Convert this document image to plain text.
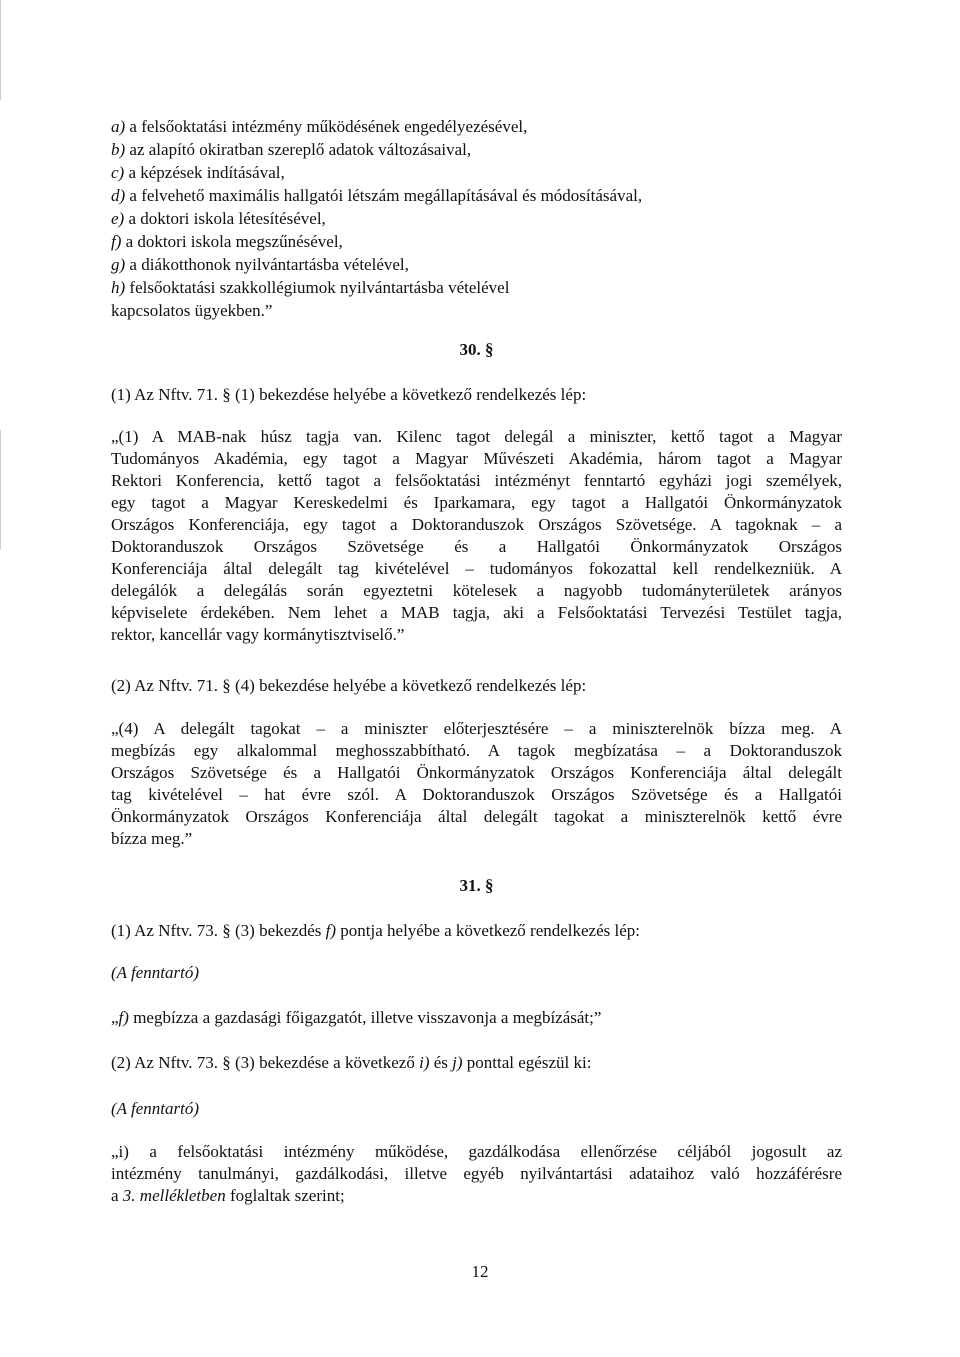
a) a felsőoktatási intézmény működésének engedélyezésével,
b) az alapító okiratban szereplő adatok változásaival,
c) a képzések indításával,
d) a felvehető maximális hallgatói létszám megállapításával és módosításával,
e) a doktori iskola létesítésével,
f) a doktori iskola megszűnésével,
g) a diákotthonok nyilvántartásba vételével,
h) felsőoktatási szakkollégiumok nyilvántartásba vételével
kapcsolatos ügyekben.”
30. §
(1) Az Nftv. 71. § (1) bekezdése helyébe a következő rendelkezés lép:
„(1) A MAB-nak húsz tagja van. Kilenc tagot delegál a miniszter, kettő tagot a Magyar
Tudományos Akadémia, egy tagot a Magyar Művészeti Akadémia, három tagot a Magyar
Rektori Konferencia, kettő tagot a felsőoktatási intézményt fenntartó egyházi jogi személyek,
egy tagot a Magyar Kereskedelmi és Iparkamara, egy tagot a Hallgatói Önkormányzatok
Országos Konferenciája, egy tagot a Doktoranduszok Országos Szövetsége. A tagoknak – a
Doktoranduszok Országos Szövetsége és a Hallgatói Önkormányzatok Országos
Konferenciája által delegált tag kivételével – tudományos fokozattal kell rendelkezniük. A
delegálók a delegálás során egyeztetni kötelesek a nagyobb tudományterületek arányos
képviselete érdekében. Nem lehet a MAB tagja, aki a Felsőoktatási Tervezési Testület tagja,
rektor, kancellár vagy kormánytisztviselő.”
(2) Az Nftv. 71. § (4) bekezdése helyébe a következő rendelkezés lép:
„(4) A delegált tagokat – a miniszter előterjesztésére – a miniszterelnök bízza meg. A
megbízás egy alkalommal meghosszabbítható. A tagok megbízatása – a Doktoranduszok
Országos Szövetsége és a Hallgatói Önkormányzatok Országos Konferenciája által delegált
tag kivételével – hat évre szól. A Doktoranduszok Országos Szövetsége és a Hallgatói
Önkormányzatok Országos Konferenciája által delegált tagokat a miniszterelnök kettő évre
bízza meg.”
31. §
(1) Az Nftv. 73. § (3) bekezdés f) pontja helyébe a következő rendelkezés lép:
(A fenntartó)
„f) megbízza a gazdasági főigazgatót, illetve visszavonja a megbízását;”
(2) Az Nftv. 73. § (3) bekezdése a következő i) és j) ponttal egészül ki:
(A fenntartó)
„i) a felsőoktatási intézmény működése, gazdálkodása ellenőrzése céljából jogosult az
intézmény tanulmányi, gazdálkodási, illetve egyéb nyilvántartási adataihoz való hozzáférésre
a 3. mellékletben foglaltak szerint;
12
